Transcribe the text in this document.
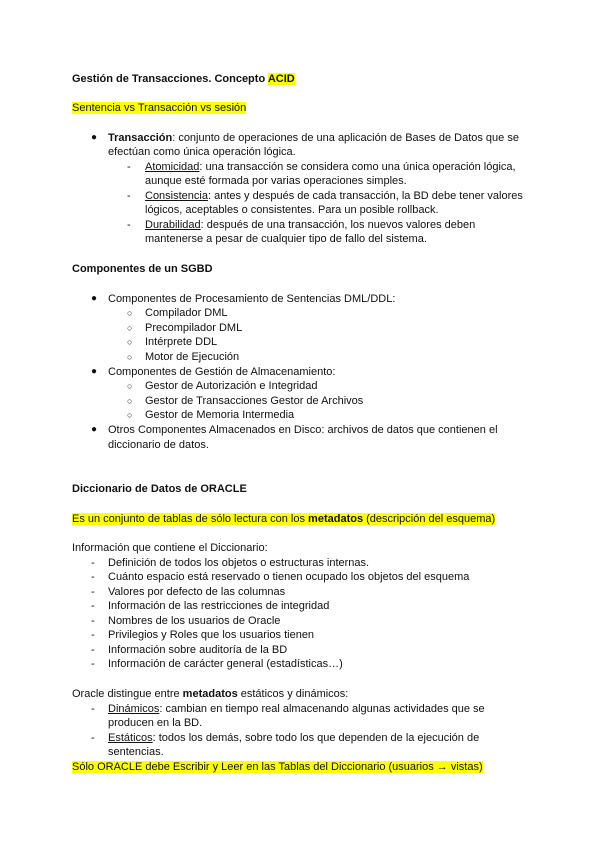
Gestión de Transacciones. Concepto ACID
Sentencia vs Transacción vs sesión
● Transacción: conjunto de operaciones de una aplicación de Bases de Datos que se
efectúan como única operación lógica.
- Atomicidad: una transacción se considera como una única operación lógica,
aunque esté formada por varias operaciones simples.
- Consistencia: antes y después de cada transacción, la BD debe tener valores
lógicos, aceptables o consistentes. Para un posible rollback.
- Durabilidad: después de una transacción, los nuevos valores deben
mantenerse a pesar de cualquier tipo de fallo del sistema.
Componentes de un SGBD
● Componentes de Procesamiento de Sentencias DML/DDL:
○ Compilador DML
○ Precompilador DML
○ Intérprete DDL
○ Motor de Ejecución
● Componentes de Gestión de Almacenamiento:
○ Gestor de Autorización e Integridad
○ Gestor de Transacciones Gestor de Archivos
○ Gestor de Memoria Intermedia
● Otros Componentes Almacenados en Disco: archivos de datos que contienen el
diccionario de datos.
Diccionario de Datos de ORACLE
Es un conjunto de tablas de sólo lectura con los metadatos (descripción del esquema)
Información que contiene el Diccionario:
- Definición de todos los objetos o estructuras internas.
- Cuánto espacio está reservado o tienen ocupado los objetos del esquema
- Valores por defecto de las columnas
- Información de las restricciones de integridad
- Nombres de los usuarios de Oracle
- Privilegios y Roles que los usuarios tienen
- Información sobre auditoría de la BD
- Información de carácter general (estadísticas…)
Oracle distingue entre metadatos estáticos y dinámicos:
- Dinámicos: cambian en tiempo real almacenando algunas actividades que se
producen en la BD.
- Estáticos: todos los demás, sobre todo los que dependen de la ejecución de
sentencias.
Sólo ORACLE debe Escribir y Leer en las Tablas del Diccionario (usuarios → vistas)
